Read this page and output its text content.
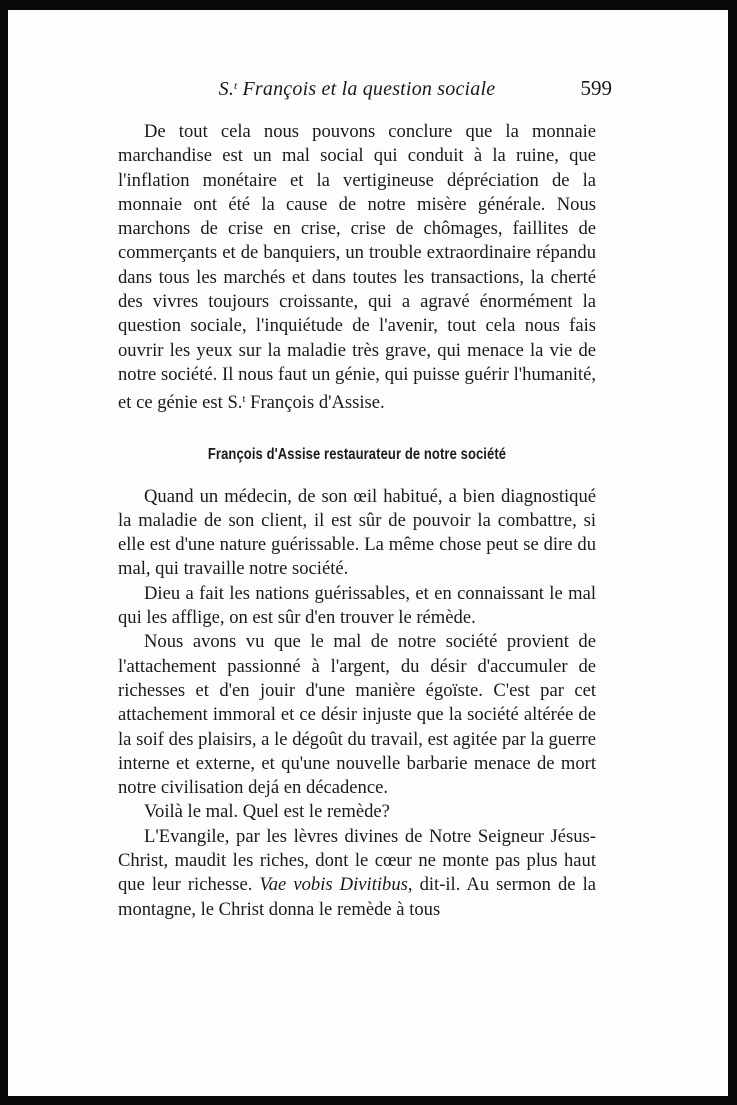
S.$^t$ François et la question sociale	599

De tout cela nous pouvons conclure que la monnaie marchandise est un mal social qui conduit à la ruine, que l'inflation monétaire et la vertigineuse dépréciation de la monnaie ont été la cause de notre misère générale. Nous marchons de crise en crise, crise de chômages, faillites de commerçants et de banquiers, un trouble extraordinaire répandu dans tous les marchés et dans toutes les transactions, la cherté des vivres toujours croissante, qui a agravé énormément la question sociale, l'inquiétude de l'avenir, tout cela nous fais ouvrir les yeux sur la maladie très grave, qui menace la vie de notre société. Il nous faut un génie, qui puisse guérir l'humanité, et ce génie est S.$^t$ François d'Assise.

François d'Assise restaurateur de notre société

Quand un médecin, de son œil habitué, a bien diagnostiqué la maladie de son client, il est sûr de pouvoir la combattre, si elle est d'une nature guérissable. La même chose peut se dire du mal, qui travaille notre société.

Dieu a fait les nations guérissables, et en connaissant le mal qui les afflige, on est sûr d'en trouver le rémède.

Nous avons vu que le mal de notre société provient de l'attachement passionné à l'argent, du désir d'accumuler de richesses et d'en jouir d'une manière égoïste. C'est par cet attachement immoral et ce désir injuste que la société altérée de la soif des plaisirs, a le dégoût du travail, est agitée par la guerre interne et externe, et qu'une nouvelle barbarie menace de mort notre civilisation dejá en décadence.

Voilà le mal. Quel est le remède?

L'Evangile, par les lèvres divines de Notre Seigneur Jésus-Christ, maudit les riches, dont le cœur ne monte pas plus haut que leur richesse. Vae vobis Divitibus, dit-il. Au sermon de la montagne, le Christ donna le remède à tous
